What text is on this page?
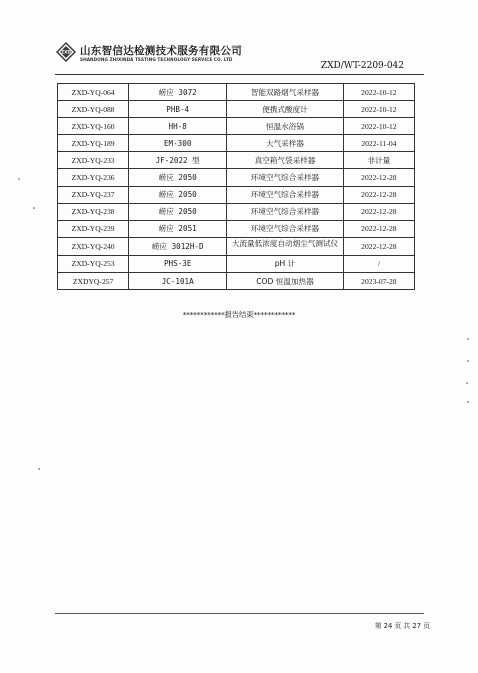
ZXD 山东智信达检测技术服务有限公司
SHANDONG ZHIXINDA TESTING TECHNOLOGY SERVICE CO. LTD
ZXD/WT-2209-042
ZXD-YQ-064	崂应 3072	智能双路烟气采样器	2022-10-12
ZXD-YQ-088	PHB-4	便携式酸度计	2022-10-12
ZXD-YQ-160	HH-8	恒温水浴锅	2022-10-12
ZXD-YQ-189	EM-300	大气采样器	2022-11-04
ZXD-YQ-233	JF-2022 型	真空箱气袋采样器	非计量
ZXD-YQ-236	崂应 2050	环境空气综合采样器	2022-12-28
ZXD-YQ-237	崂应 2050	环境空气综合采样器	2022-12-28
ZXD-YQ-238	崂应 2050	环境空气综合采样器	2022-12-28
ZXD-YQ-239	崂应 2051	环境空气综合采样器	2022-12-28
ZXD-YQ-240	崂应 3012H-D	大流量低浓度自动烟尘气测试仪	2022-12-28
ZXD-YQ-253	PHS-3E	pH 计	/
ZXDYQ-257	JC-101A	COD 恒温加热器	2023-07-28
************报告结束************
第 24 页 共 27 页
